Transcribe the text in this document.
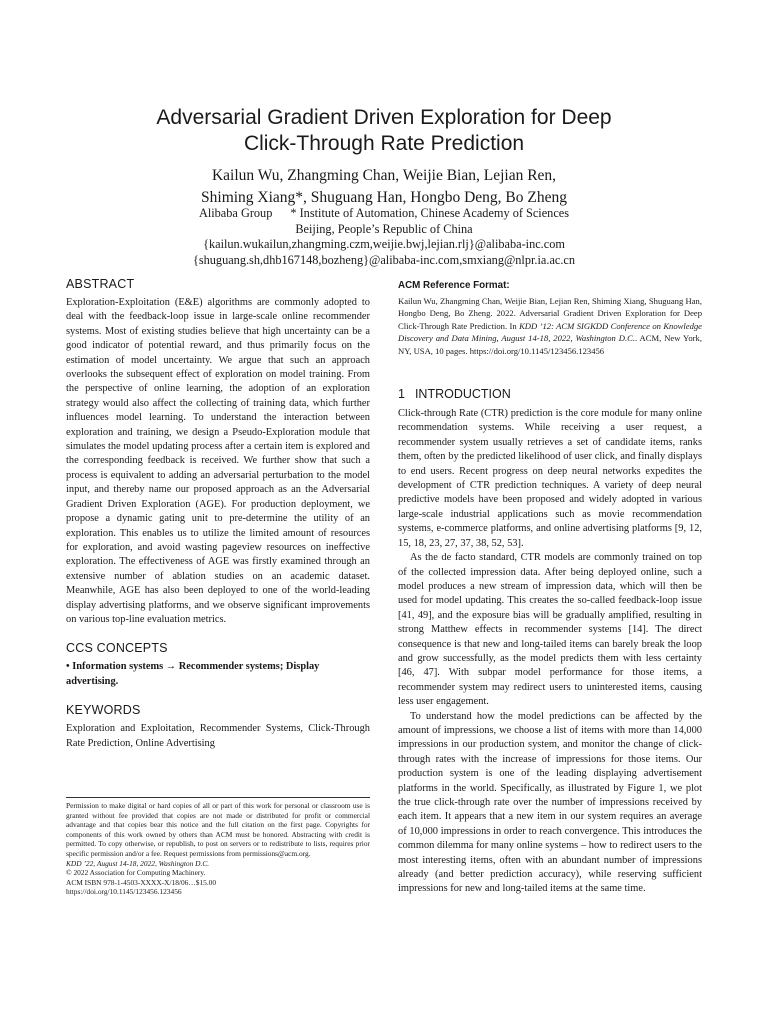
Adversarial Gradient Driven Exploration for Deep
Click-Through Rate Prediction
Kailun Wu, Zhangming Chan, Weijie Bian, Lejian Ren,
Shiming Xiang*, Shuguang Han, Hongbo Deng, Bo Zheng
Alibaba Group * Institute of Automation, Chinese Academy of Sciences
Beijing, People’s Republic of China
{kailun.wukailun,zhangming.czm,weijie.bwj,lejian.rlj}@alibaba-inc.com
{shuguang.sh,dhb167148,bozheng}@alibaba-inc.com,smxiang@nlpr.ia.ac.cn
ABSTRACT

Exploration-Exploitation (E&E) algorithms are commonly adopted to deal with the feedback-loop issue in large-scale online recommender systems. Most of existing studies believe that high uncertainty can be a good indicator of potential reward, and thus primarily focus on the estimation of model uncertainty. We argue that such an approach overlooks the subsequent effect of exploration on model training. From the perspective of online learning, the adoption of an exploration strategy would also affect the collecting of training data, which further influences model learning. To understand the interaction between exploration and training, we design a Pseudo-Exploration module that simulates the model updating process after a certain item is explored and the corresponding feedback is received. We further show that such a process is equivalent to adding an adversarial perturbation to the model input, and thereby name our proposed approach as an the Adversarial Gradient Driven Exploration (AGE). For production deployment, we propose a dynamic gating unit to pre-determine the utility of an exploration. This enables us to utilize the limited amount of resources for exploration, and avoid wasting pageview resources on ineffective exploration. The effectiveness of AGE was firstly examined through an extensive number of ablation studies on an academic dataset. Meanwhile, AGE has also been deployed to one of the world-leading display advertising platforms, and we observe significant improvements on various top-line evaluation metrics.

CCS CONCEPTS

• Information systems → Recommender systems; Display advertising.

KEYWORDS

Exploration and Exploitation, Recommender Systems, Click-Through Rate Prediction, Online Advertising

Permission to make digital or hard copies of all or part of this work for personal or classroom use is granted without fee provided that copies are not made or distributed for profit or commercial advantage and that copies bear this notice and the full citation on the first page. Copyrights for components of this work owned by others than ACM must be honored. Abstracting with credit is permitted. To copy otherwise, or republish, to post on servers or to redistribute to lists, requires prior specific permission and/or a fee. Request permissions from permissions@acm.org.

KDD ’22, August 14-18, 2022, Washington D.C.
© 2022 Association for Computing Machinery.
ACM ISBN 978-1-4503-XXXX-X/18/06…$15.00
https://doi.org/10.1145/123456.123456
ACM Reference Format:

Kailun Wu, Zhangming Chan, Weijie Bian, Lejian Ren, Shiming Xiang, Shuguang Han, Hongbo Deng, Bo Zheng. 2022. Adversarial Gradient Driven Exploration for Deep Click-Through Rate Prediction. In KDD ’12: ACM SIGKDD Conference on Knowledge Discovery and Data Mining, August 14-18, 2022, Washington D.C.. ACM, New York, NY, USA, 10 pages. https://doi.org/10.1145/123456.123456

1 INTRODUCTION

Click-through Rate (CTR) prediction is the core module for many online recommendation systems. While receiving a user request, a recommender system usually retrieves a set of candidate items, ranks them, often by the predicted likelihood of user click, and finally displays to end users. Recent progress on deep neural networks expedites the development of CTR prediction techniques. A variety of deep neural predictive models have been proposed and widely adopted in various large-scale industrial applications such as movie recommendation systems, e-commerce platforms, and online advertising platforms [9, 12, 15, 18, 23, 27, 37, 38, 52, 53].

As the de facto standard, CTR models are commonly trained on top of the collected impression data. After being deployed online, such a model produces a new stream of impression data, which will then be used for model updating. This creates the so-called feedback-loop issue [41, 49], and the exposure bias will be gradually amplified, resulting in strong Matthew effects in recommender systems [14]. The direct consequence is that new and long-tailed items can barely break the loop and grow successfully, as the model predicts them with less certainty [46, 47]. With subpar model performance for those items, a recommender system may redirect users to uninterested items, causing less user engagement.

To understand how the model predictions can be affected by the amount of impressions, we choose a list of items with more than 14,000 impressions in our production system, and monitor the change of click-through rates with the increase of impressions for those items. Our production system is one of the leading displaying advertisement platforms in the world. Specifically, as illustrated by Figure 1, we plot the true click-through rate over the number of impressions received by each item. It appears that a new item in our system requires an average of 10,000 impressions in order to reach convergence. This introduces the common dilemma for many online systems – how to redirect users to the most interesting items, often with an abundant number of impressions already (and better prediction accuracy), while reserving sufficient impressions for new and long-tailed items at the same time.
